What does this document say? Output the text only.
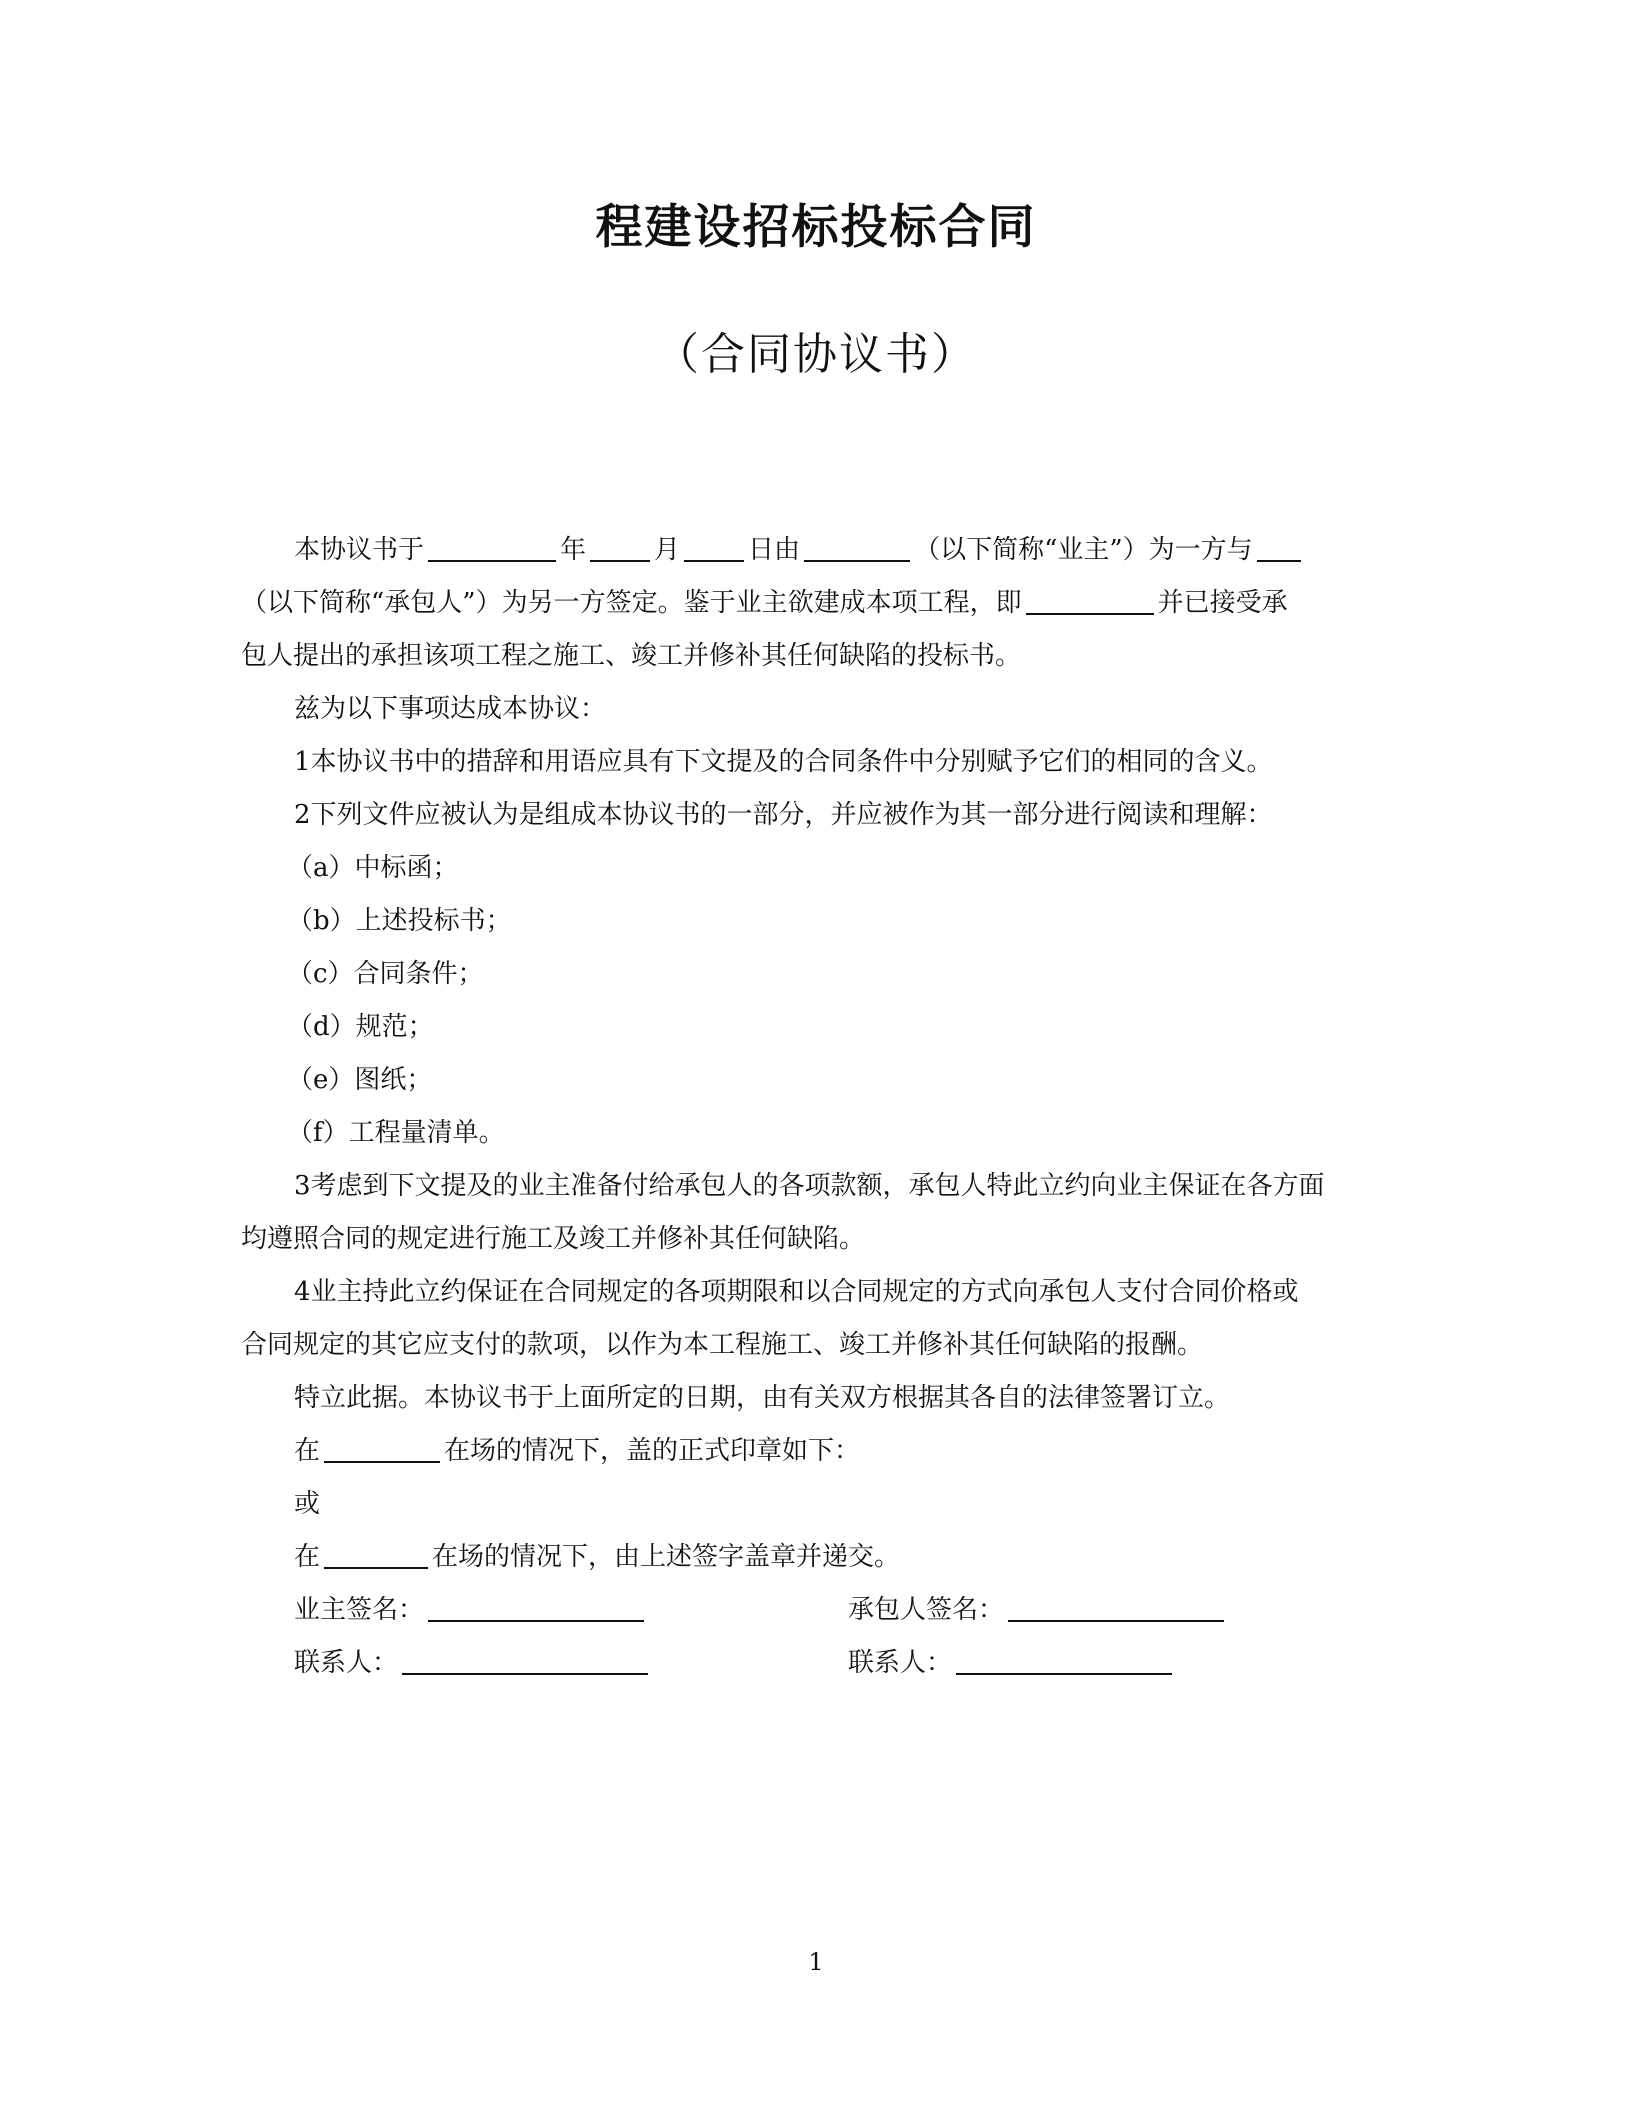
程建设招标投标合同
（合同协议书）
本协议书于	年	月	日由	（以下简称“业主”）为一方与
（以下简称“承包人”）为另一方签定。鉴于业主欲建成本项工程，即	并已接受承
包人提出的承担该项工程之施工、竣工并修补其任何缺陷的投标书。
兹为以下事项达成本协议：
1本协议书中的措辞和用语应具有下文提及的合同条件中分别赋予它们的相同的含义。
2下列文件应被认为是组成本协议书的一部分，并应被作为其一部分进行阅读和理解：
（a）中标函；
（b）上述投标书；
（c）合同条件；
（d）规范；
（e）图纸；
（f）工程量清单。
3考虑到下文提及的业主准备付给承包人的各项款额，承包人特此立约向业主保证在各方面
均遵照合同的规定进行施工及竣工并修补其任何缺陷。
4业主持此立约保证在合同规定的各项期限和以合同规定的方式向承包人支付合同价格或
合同规定的其它应支付的款项，以作为本工程施工、竣工并修补其任何缺陷的报酬。
特立此据。本协议书于上面所定的日期，由有关双方根据其各自的法律签署订立。
在	在场的情况下，盖的正式印章如下：
或
在	在场的情况下，由上述签字盖章并递交。
业主签名：	承包人签名：
联系人：	联系人：
1
